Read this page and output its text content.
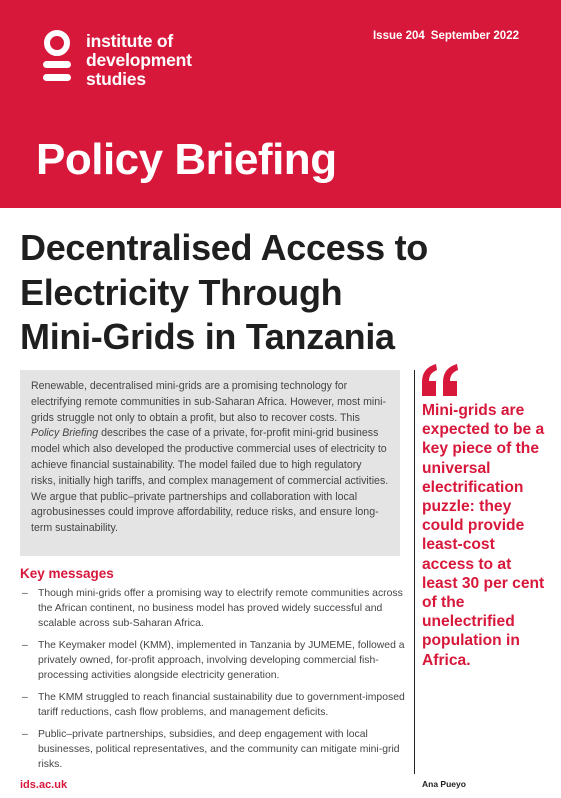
institute of
development
studies
Issue 204 September 2022
Policy Briefing
Decentralised Access to
Electricity Through
Mini-Grids in Tanzania
Renewable, decentralised mini-grids are a promising technology for electrifying remote communities in sub-Saharan Africa. However, most mini-grids struggle not only to obtain a profit, but also to recover costs. This Policy Briefing describes the case of a private, for-profit mini-grid business model which also developed the productive commercial uses of electricity to achieve financial sustainability. The model failed due to high regulatory risks, initially high tariffs, and complex management of commercial activities. We argue that public–private partnerships and collaboration with local agrobusinesses could improve affordability, reduce risks, and ensure long-term sustainability.
Key messages
– Though mini-grids offer a promising way to electrify remote communities across the African continent, no business model has proved widely successful and scalable across sub-Saharan Africa.
– The Keymaker model (KMM), implemented in Tanzania by JUMEME, followed a privately owned, for-profit approach, involving developing commercial fish-processing activities alongside electricity generation.
– The KMM struggled to reach financial sustainability due to government-imposed tariff reductions, cash flow problems, and management deficits.
– Public–private partnerships, subsidies, and deep engagement with local businesses, political representatives, and the community can mitigate mini-grid risks.
ids.ac.uk

Mini-grids are expected to be a key piece of the universal electrification puzzle: they could provide least-cost access to at least 30 per cent of the unelectrified population in Africa.

Ana Pueyo
